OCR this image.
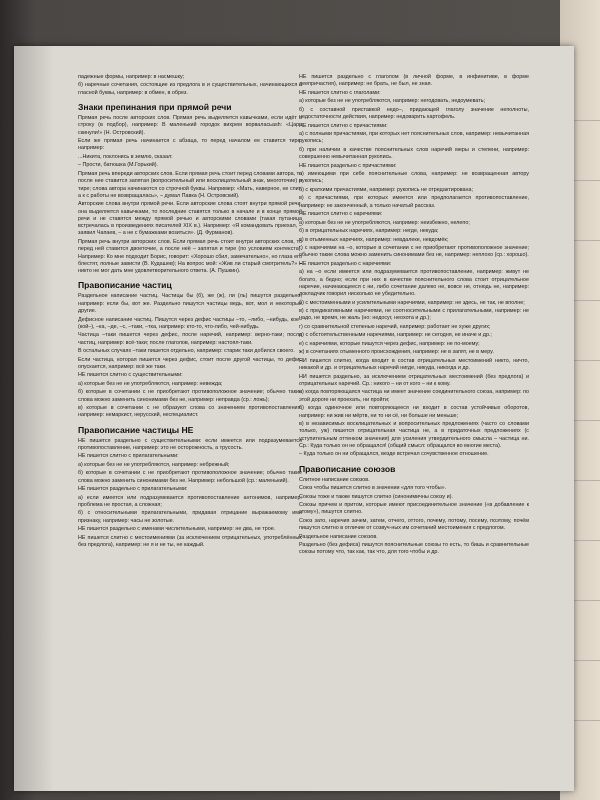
падежные формы, например: в насмешку;

б) наречные сочетания, состоящие из предлога в и существительных, начинающихся с гласной буквы, например: в обмен, в обрез.

Знаки препинания при прямой речи

Прямая речь после авторских слов. Прямая речь выделяется кавычками, если идёт в строку (в подбор), например: В маленький городок вихрем ворваласьash: «Царя скинули!» (Н. Островский).

Если же прямая речь начинается с абзаца, то перед началом ее ставится тире, например:

...Никита, поклонись в землю, сказал:

– Прости, батюшка (М.Горький).

Прямая речь впереди авторских слов. Если прямая речь стоит перед словами автора, то после нее ставится запятая (вопросительный или восклицательный знак, многоточие) и тире; слова автора начинаются со строчной буквы. Например: «Мать, наверное, не спит, а к с работы не возвращалась», – думал Павка (Н. Островский).

Авторские слова внутри прямой речи. Если авторские слова стоят внутри прямой речи, она выделяется кавычками, то последние ставятся только в начале и в конце прямой речи и не ставятся между прямой речью и авторскими словами (такая путаница встречалась в произведениях писателей XIX в.). Например: «Я командовать приехал, – заявил Чапаев, – а не с бумажками возиться». (Д. Фурманов).

Прямая речь внутри авторских слов. Если прямая речь стоит внутри авторских слов, то перед ней ставится двоеточие, а после неё – запятая и тире (по условиям контекста). Например: Ко мне подходит Борис, говорит: «Хорошо сбил, замечательно», но глаза его блестят, полные зависти (В. Кудашев); На вопрос мой: «Жив ли старый смотритель?» – никто не мог дать мне удовлетворительного ответа. (А. Пушкин).

Правописание частиц

Раздельное написание частиц. Частицы бы (б), же (ж), ли (ль) пишутся раздельно, например: если бы, вот же. Раздельно пишутся частицы ведь, вот, мол и некоторые другие.

Дефисное написание частиц. Пишутся через дефис частицы –то, –либо, –нибудь, кое– (кой–), –ка, –де, –с, –таки, –тка, например: кто-то, что-либо, чей-нибудь.

Частица –таки пишется через дефис, после наречий, например: верно-таки; после частиц, например: всё-таки; после глаголов, например: настоял-таки.

В остальных случаях –таки пишется отдельно, например: старик таки добился своего.

Если частица, которая пишется через дефис, стоит после другой частицы, то дефис опускается, например: всё же таки.

НЕ пишется слитно с существительными:

а) которые без не не употребляются, например: невежда;

б) которые в сочетании с не приобретают противоположное значение; обычно такие слова можно заменить синонимами без не, например: неправда (ср.: ложь);

в) которые в сочетании с не образуют слова со значением противопоставления, например: немаркист, неруcский, неспециалист.

Правописание частицы НЕ

НЕ пишется раздельно с существительными: если имеется или подразумевается противопоставление, например: это не осторожность, а трусость.

НЕ пишется слитно с прилагательными:

а) которые без не не употребляются, например: небрежный;

б) которые в сочетании с не приобретают противоположное значение; обычно такие слова можно заменить синонимами без не. Например: небольшой (ср.: маленький).

НЕ пишется раздельно с прилагательными:

а) если имеется или подразумевается противопоставление антонимов, например: проблема не простая, а сложная;

б) с относительными прилагательными, придавая отрицание выражаемому ими признаку, например: часы не золотые.

НЕ пишется раздельно с именами числительными, например: не два, не трое.

НЕ пишется слитно с местоимениями (за исключением отрицательных, употреблённых без предлога), например: не я и не ты, не каждый.

НЕ пишется раздельно с глаголом (в личной форме, в инфинитиве, в форме деепричастия), например: не брать, не был, не зная.

НЕ пишется слитно с глаголами:

а) которые без не не употребляются, например: негодовать, недоумевать;

б) с составной приставкой недо–, придающей глаголу значение неполноты, недостаточности действия, например: недоварить картофель.

НЕ пишется слитно с причастиями:

а) с полными причастиями, при которых нет пояснительных слов, например: невычитанная рукопись;

б) при наличии в качестве пояснительных слов наречий меры и степени, например: совершенно невычитанная рукопись.

НЕ пишется раздельно с причастиями:

а) имеющими при себе пояснительные слова, например: не возвращенная автору рукопись;

б) с краткими причастиями, например: рукопись не отредактирована;

в) с причастиями, при которых имеется или предполагается противопоставление, например: не законченный, а только начатый рассказ.

НЕ пишется слитно с наречиями:

а) которые без не не употребляются, например: неизбежно, нелепо;

б) в отрицательных наречиях, например: негде, некуда;

в) в отыменных наречиях, например: невдалеке, невдомёк;

г) с наречиями на –о, которые в сочетании с не приобретают противоположное значение; обычно такие слова можно заменить синонимами без не, например: неплохо (ср.: хорошо).

НЕ пишется раздельно с наречиями:

а) на –о если имеется или подразумевается противопоставление, например: живут не богато, а бедно; если при них в качестве пояснительного слова стоит отрицательное наречие, начинающееся с ни, либо сочетание далеко не, вовсе не, отнюдь не, например: докладчик говорил нисколько не убедительно.

б) с местоименными и усилительными наречиями, например: не здесь, не так, не вполне;

в) с предикативными наречиями, не соотносительными с прилагательными, например: не надо, не время, не жаль (но: недосуг, неохота и др.);

г) со сравнительной степенью наречий, например: работает не хуже других;

д) с обстоятельственными наречиями, например: не сегодня, не иначе и др.;

е) с наречиями, которые пишутся через дефис, например: не по-моему;

ж) в сочетаниях отыменного происхождения, например: не в запят, не в меру.

НИ пишется слитно, когда входит в состав отрицательных местоимений никто, ничто, никакой и др. и отрицательных наречий нигде, никуда, никогда и др.

НИ пишется раздельно, за исключением отрицательных местоимений (без предлога) и отрицательных наречий. Ср.: никого – ни от кого – ни к кому.

а) когда повторяющаяся частица ни имеет значение соединительного союза, например: по этой дороге ни проехать, ни пройти;

б) когда одиночное или повторяющееся ни входит в состав устойчивых оборотов, например: ни жив ни мёртв, ни то ни сё, ни больше ни меньше;

в) в независимых восклицательных и вопросительных предложениях (часто со словами только, уж) пишется отрицательная частица не, а в придаточных предложениях (с уступительным оттенком значения) для усиления утвердительного смысла – частица ни. Ср.: Куда только он не обращался! (общий смысл: обращался во многие места).

– Куда только он ни обращался, везде встречал сочувственное отношение.

Правописание союзов

Слитное написание союзов.

Союз чтобы пишется слитно в значении «для того чтобы».

Союзы тоже и также пишутся слитно (синонимичны союзу и).

Союзы причем и притом, которые имеют присоединительное значение («в добавление к этому»), пишутся слитно.

Союз зато, наречия зачем, затем, отчего, оттого, почему, потому, посему, поэтому, почём пишутся слитно в отличие от созвуч-ных им сочетаний местоимения с предлогом.

Раздельное написание союзов.

Раздельно (без дефиса) пишутся пояснительные союзы то есть, то бишь и сравнительные союзы потому что, так как, так что, для того чтобы и др.
